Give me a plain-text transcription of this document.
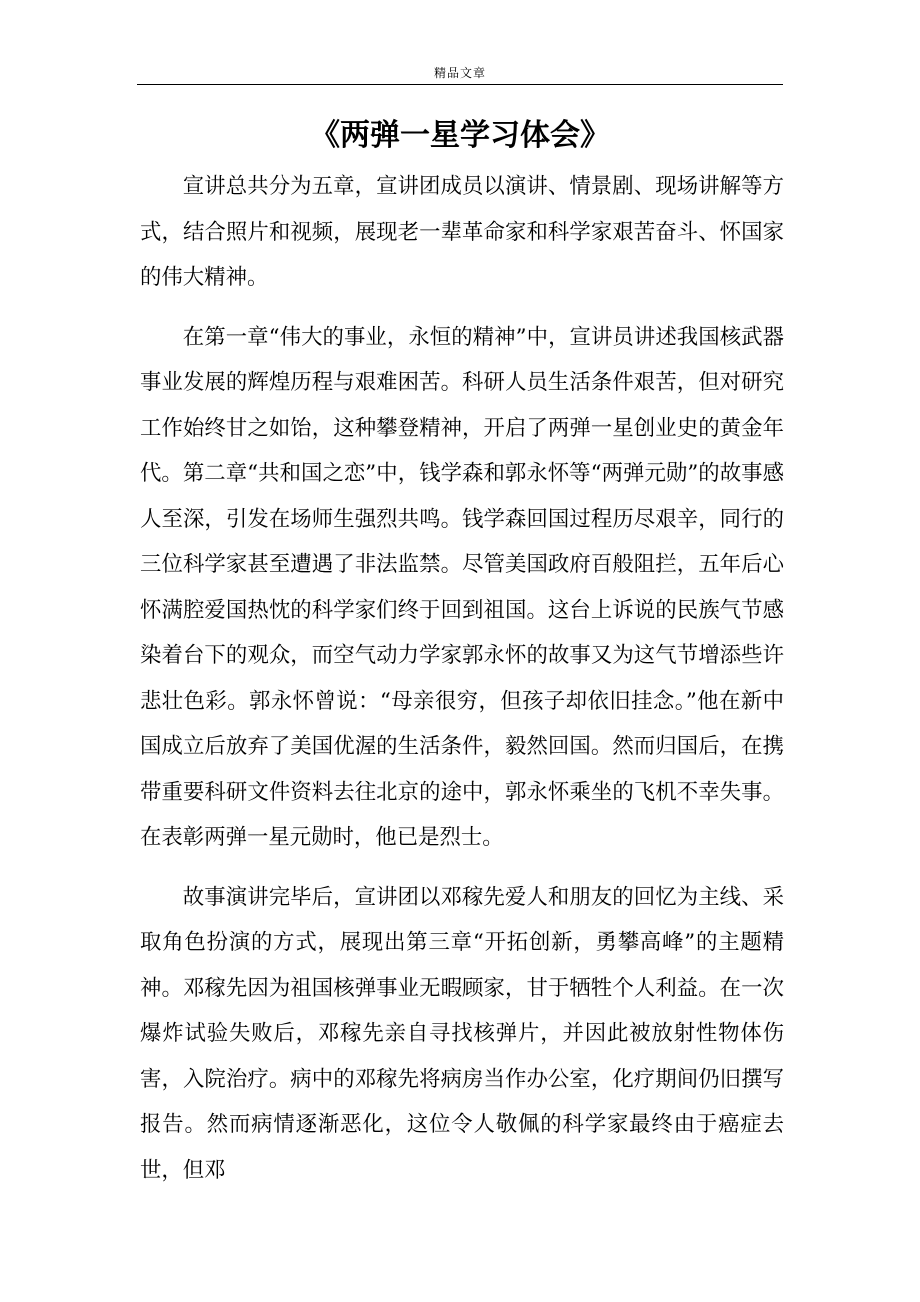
精品文章
《两弹一星学习体会》

宣讲总共分为五章，宣讲团成员以演讲、情景剧、现场讲解等方式，结合照片和视频，展现老一辈革命家和科学家艰苦奋斗、怀国家的伟大精神。

在第一章“伟大的事业，永恒的精神”中，宣讲员讲述我国核武器事业发展的辉煌历程与艰难困苦。科研人员生活条件艰苦，但对研究工作始终甘之如饴，这种攀登精神，开启了两弹一星创业史的黄金年代。第二章“共和国之恋”中，钱学森和郭永怀等“两弹元勋”的故事感人至深，引发在场师生强烈共鸣。钱学森回国过程历尽艰辛，同行的三位科学家甚至遭遇了非法监禁。尽管美国政府百般阻拦，五年后心怀满腔爱国热忱的科学家们终于回到祖国。这台上诉说的民族气节感染着台下的观众，而空气动力学家郭永怀的故事又为这气节增添些许悲壮色彩。郭永怀曾说：“母亲很穷，但孩子却依旧挂念。”他在新中国成立后放弃了美国优渥的生活条件，毅然回国。然而归国后，在携带重要科研文件资料去往北京的途中，郭永怀乘坐的飞机不幸失事。在表彰两弹一星元勋时，他已是烈士。

故事演讲完毕后，宣讲团以邓稼先爱人和朋友的回忆为主线、采取角色扮演的方式，展现出第三章“开拓创新，勇攀高峰”的主题精神。邓稼先因为祖国核弹事业无暇顾家，甘于牺牲个人利益。在一次爆炸试验失败后，邓稼先亲自寻找核弹片，并因此被放射性物体伤害，入院治疗。病中的邓稼先将病房当作办公室，化疗期间仍旧撰写报告。然而病情逐渐恶化，这位令人敬佩的科学家最终由于癌症去世，但邓
